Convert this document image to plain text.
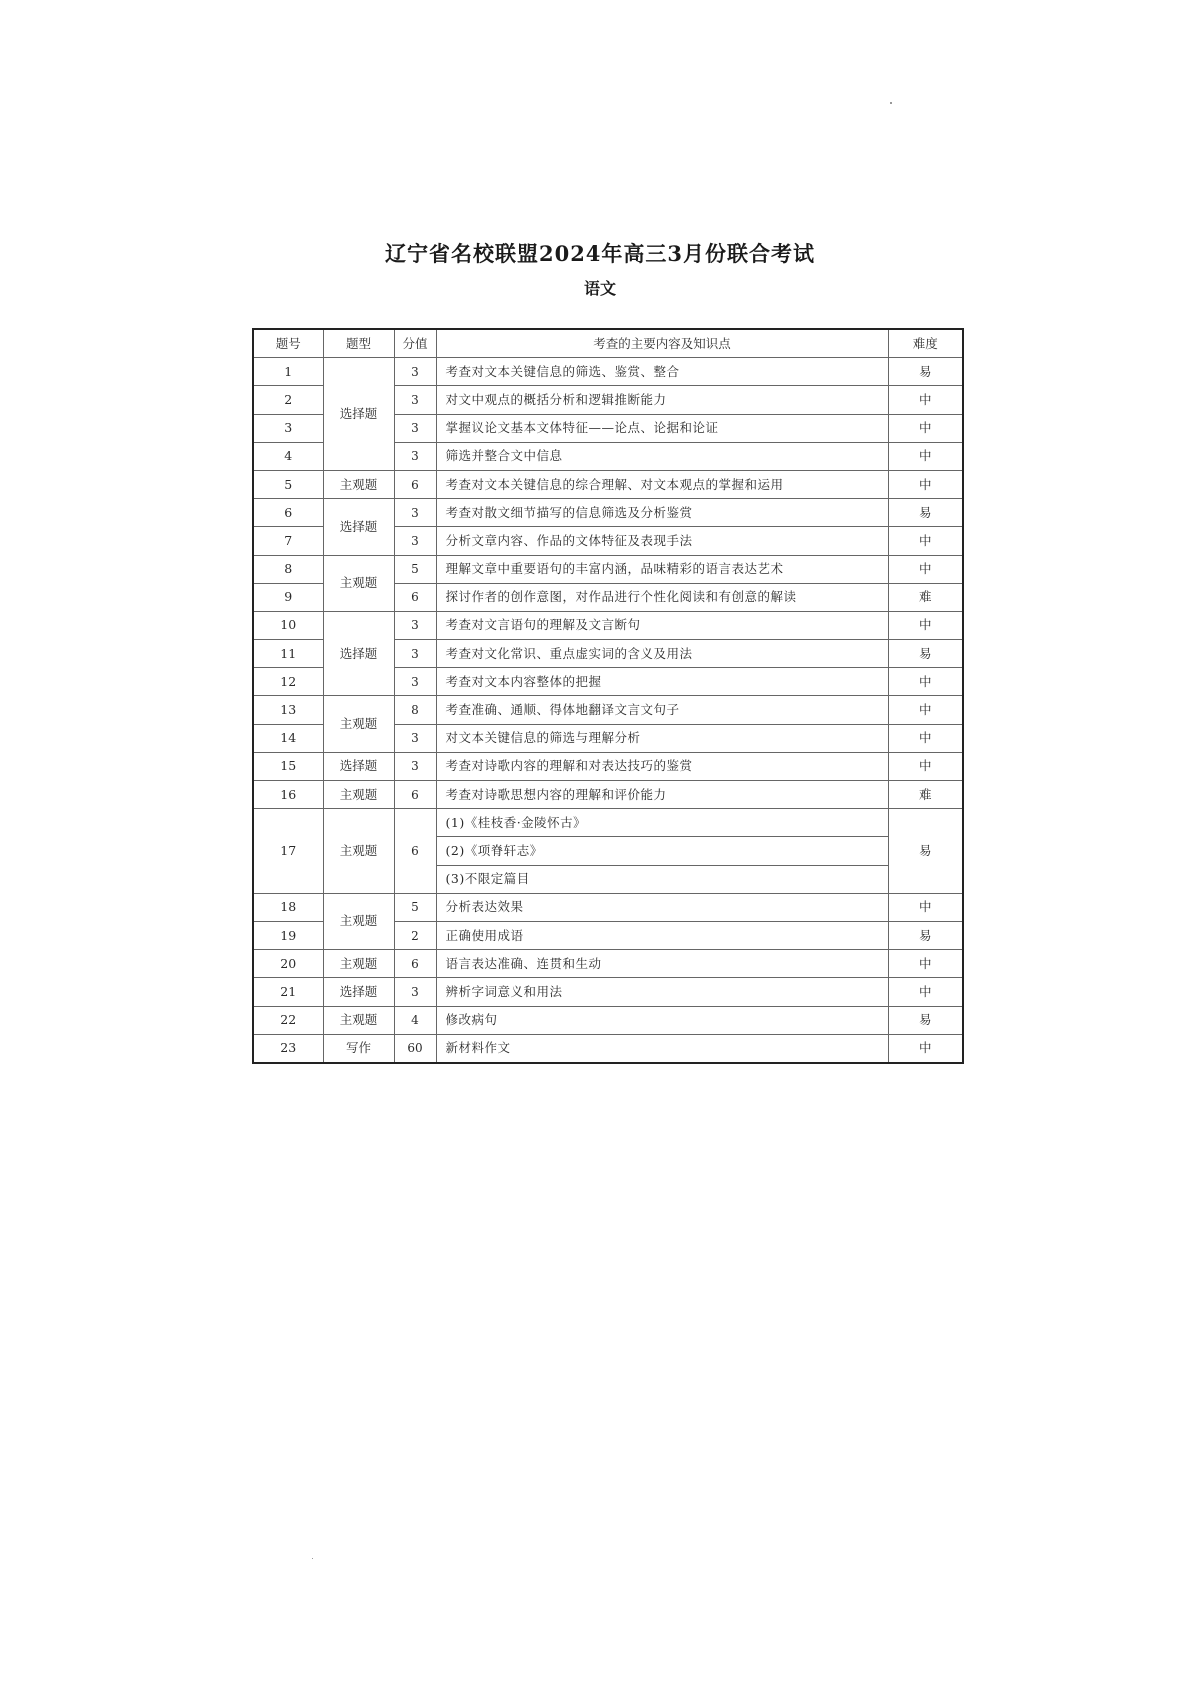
辽宁省名校联盟2024年高三3月份联合考试
语文
题号	题型	分值	考查的主要内容及知识点	难度
1	选择题	3	考查对文本关键信息的筛选、鉴赏、整合	易
2		3	对文中观点的概括分析和逻辑推断能力	中
3		3	掌握议论文基本文体特征——论点、论据和论证	中
4		3	筛选并整合文中信息	中
5	主观题	6	考查对文本关键信息的综合理解、对文本观点的掌握和运用	中
6	选择题	3	考查对散文细节描写的信息筛选及分析鉴赏	易
7		3	分析文章内容、作品的文体特征及表现手法	中
8	主观题	5	理解文章中重要语句的丰富内涵，品味精彩的语言表达艺术	中
9		6	探讨作者的创作意图，对作品进行个性化阅读和有创意的解读	难
10	选择题	3	考查对文言语句的理解及文言断句	中
11		3	考查对文化常识、重点虚实词的含义及用法	易
12		3	考查对文本内容整体的把握	中
13	主观题	8	考查准确、通顺、得体地翻译文言文句子	中
14		3	对文本关键信息的筛选与理解分析	中
15	选择题	3	考查对诗歌内容的理解和对表达技巧的鉴赏	中
16	主观题	6	考查对诗歌思想内容的理解和评价能力	难
17	主观题	6	(1)《桂枝香·金陵怀古》	易
			(2)《项脊轩志》	
			(3)不限定篇目	
18	主观题	5	分析表达效果	中
19		2	正确使用成语	易
20	主观题	6	语言表达准确、连贯和生动	中
21	选择题	3	辨析字词意义和用法	中
22	主观题	4	修改病句	易
23	写作	60	新材料作文	中
